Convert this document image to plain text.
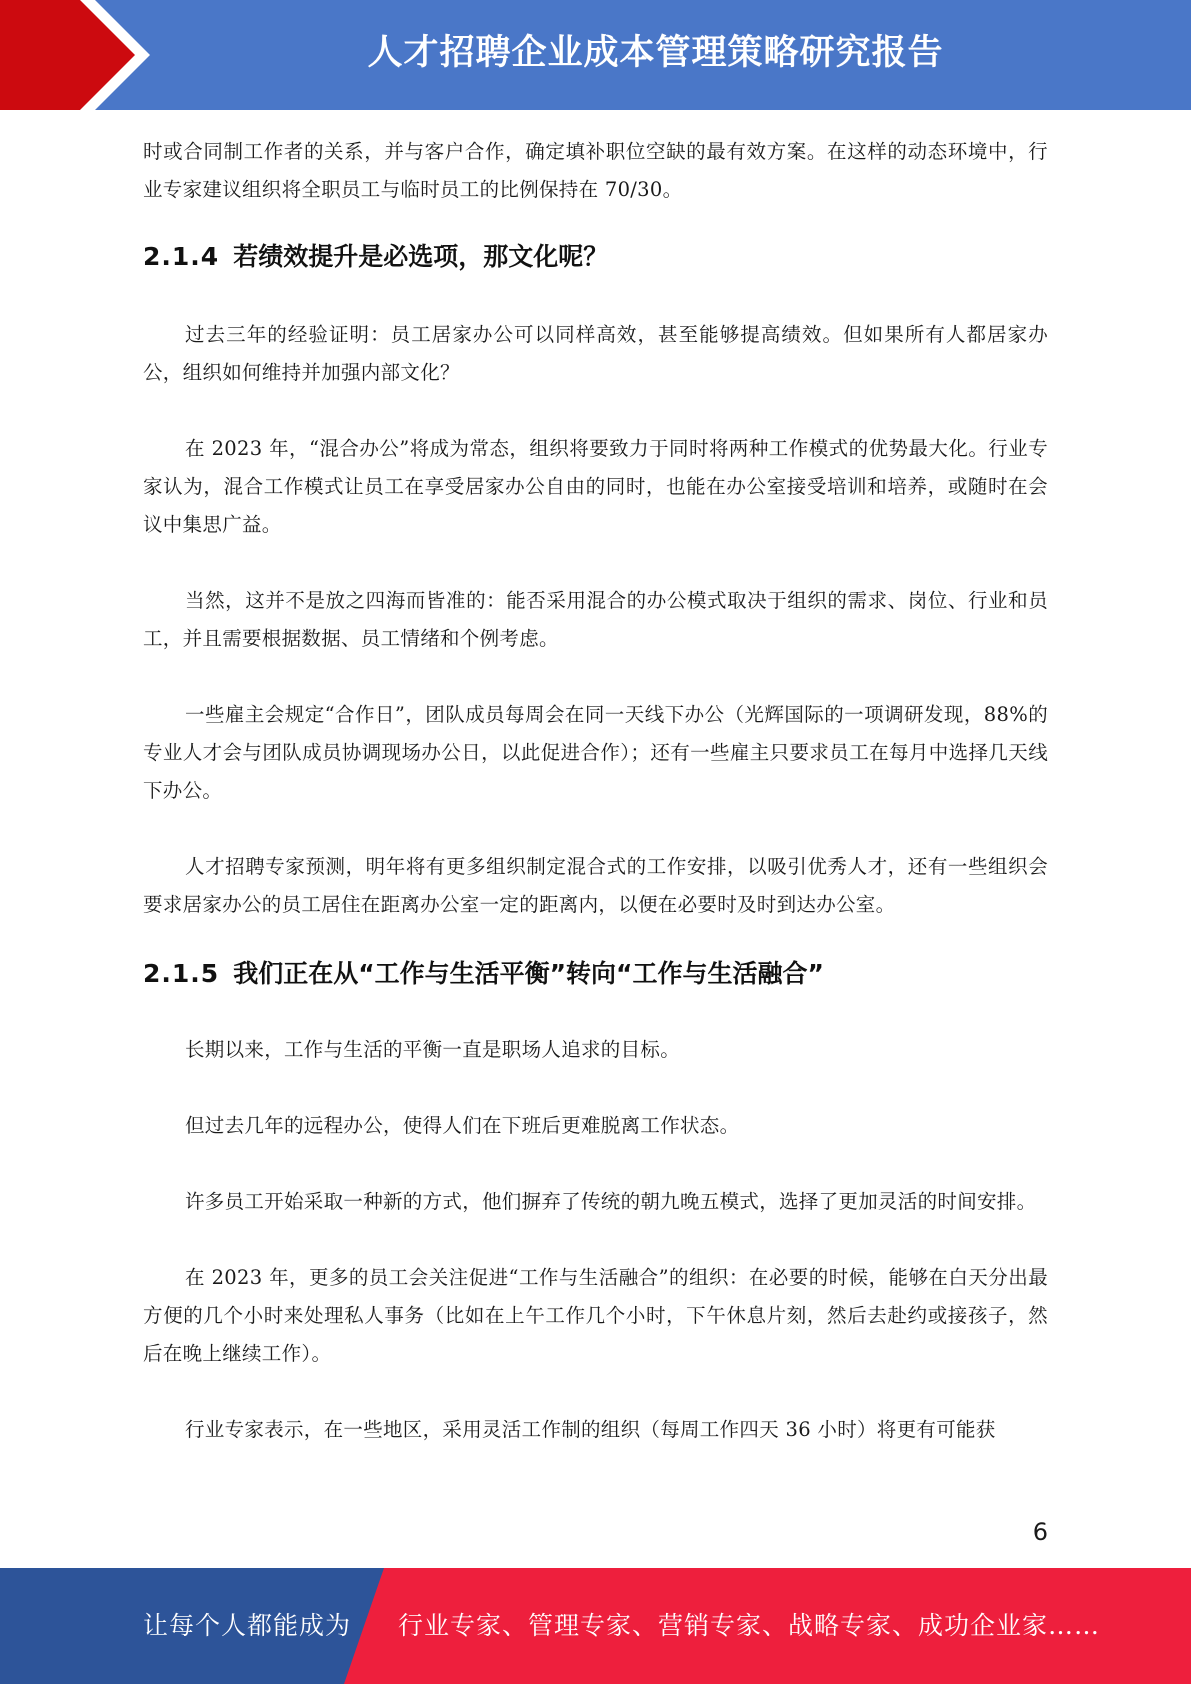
人才招聘企业成本管理策略研究报告

时或合同制工作者的关系，并与客户合作，确定填补职位空缺的最有效方案。在这样的动态环境中，行业专家建议组织将全职员工与临时员工的比例保持在 70/30。

2.1.4 若绩效提升是必选项，那文化呢？

过去三年的经验证明：员工居家办公可以同样高效，甚至能够提高绩效。但如果所有人都居家办公，组织如何维持并加强内部文化？

在 2023 年，“混合办公”将成为常态，组织将要致力于同时将两种工作模式的优势最大化。行业专家认为，混合工作模式让员工在享受居家办公自由的同时，也能在办公室接受培训和培养，或随时在会议中集思广益。

当然，这并不是放之四海而皆准的：能否采用混合的办公模式取决于组织的需求、岗位、行业和员工，并且需要根据数据、员工情绪和个例考虑。

一些雇主会规定“合作日”，团队成员每周会在同一天线下办公（光辉国际的一项调研发现，88%的专业人才会与团队成员协调现场办公日，以此促进合作）；还有一些雇主只要求员工在每月中选择几天线下办公。

人才招聘专家预测，明年将有更多组织制定混合式的工作安排，以吸引优秀人才，还有一些组织会要求居家办公的员工居住在距离办公室一定的距离内，以便在必要时及时到达办公室。

2.1.5 我们正在从“工作与生活平衡”转向“工作与生活融合”

长期以来，工作与生活的平衡一直是职场人追求的目标。

但过去几年的远程办公，使得人们在下班后更难脱离工作状态。

许多员工开始采取一种新的方式，他们摒弃了传统的朝九晚五模式，选择了更加灵活的时间安排。

在 2023 年，更多的员工会关注促进“工作与生活融合”的组织：在必要的时候，能够在白天分出最方便的几个小时来处理私人事务（比如在上午工作几个小时，下午休息片刻，然后去赴约或接孩子，然后在晚上继续工作）。

行业专家表示，在一些地区，采用灵活工作制的组织（每周工作四天 36 小时）将更有可能获

6
让每个人都能成为 行业专家、管理专家、营销专家、战略专家、成功企业家……
